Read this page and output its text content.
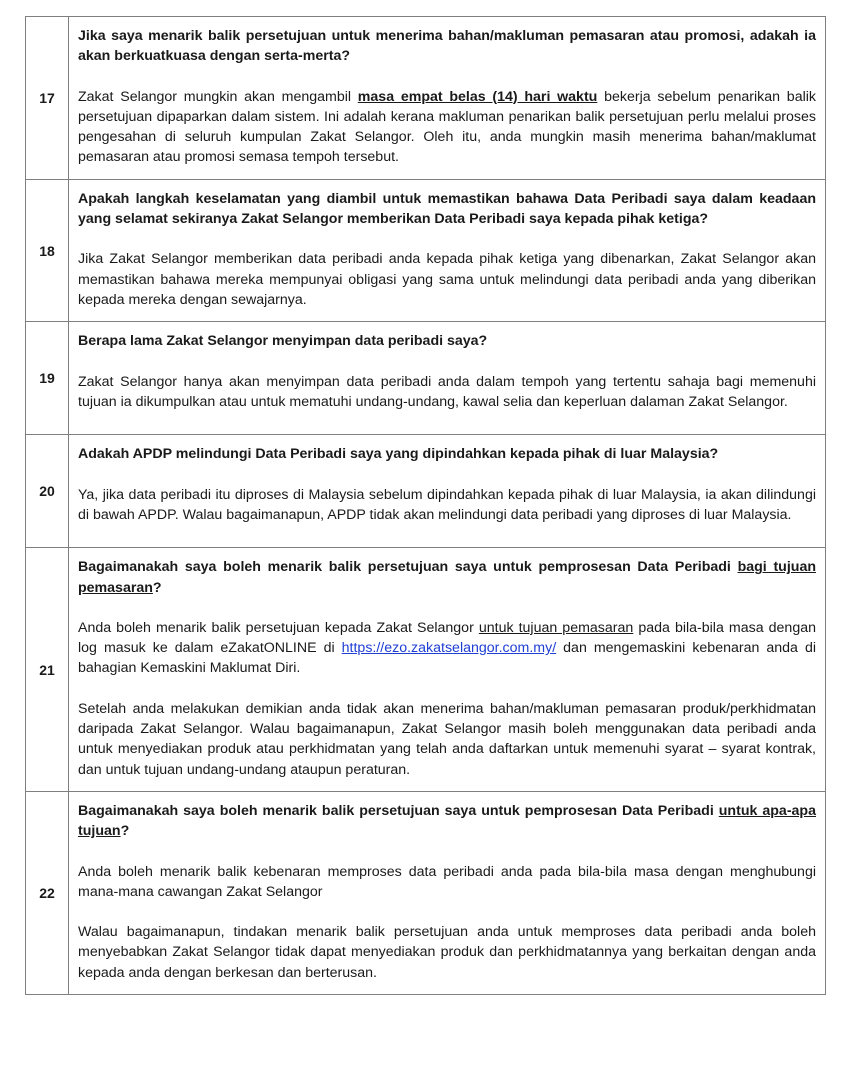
17	Jika saya menarik balik persetujuan untuk menerima bahan/makluman pemasaran atau promosi, adakah ia akan berkuatkuasa dengan serta-merta?

Zakat Selangor mungkin akan mengambil masa empat belas (14) hari waktu bekerja sebelum penarikan balik persetujuan dipaparkan dalam sistem. Ini adalah kerana makluman penarikan balik persetujuan perlu melalui proses pengesahan di seluruh kumpulan Zakat Selangor. Oleh itu, anda mungkin masih menerima bahan/maklumat pemasaran atau promosi semasa tempoh tersebut.

18	Apakah langkah keselamatan yang diambil untuk memastikan bahawa Data Peribadi saya dalam keadaan yang selamat sekiranya Zakat Selangor memberikan Data Peribadi saya kepada pihak ketiga?

Jika Zakat Selangor memberikan data peribadi anda kepada pihak ketiga yang dibenarkan, Zakat Selangor akan memastikan bahawa mereka mempunyai obligasi yang sama untuk melindungi data peribadi anda yang diberikan kepada mereka dengan sewajarnya.

19	Berapa lama Zakat Selangor menyimpan data peribadi saya?

Zakat Selangor hanya akan menyimpan data peribadi anda dalam tempoh yang tertentu sahaja bagi memenuhi tujuan ia dikumpulkan atau untuk mematuhi undang-undang, kawal selia dan keperluan dalaman Zakat Selangor.

20	Adakah APDP melindungi Data Peribadi saya yang dipindahkan kepada pihak di luar Malaysia?

Ya, jika data peribadi itu diproses di Malaysia sebelum dipindahkan kepada pihak di luar Malaysia, ia akan dilindungi di bawah APDP. Walau bagaimanapun, APDP tidak akan melindungi data peribadi yang diproses di luar Malaysia.

21	Bagaimanakah saya boleh menarik balik persetujuan saya untuk pemprosesan Data Peribadi bagi tujuan pemasaran?

Anda boleh menarik balik persetujuan kepada Zakat Selangor untuk tujuan pemasaran pada bila-bila masa dengan log masuk ke dalam eZakatONLINE di https://ezo.zakatselangor.com.my/ dan mengemaskini kebenaran anda di bahagian Kemaskini Maklumat Diri.

Setelah anda melakukan demikian anda tidak akan menerima bahan/makluman pemasaran produk/perkhidmatan daripada Zakat Selangor. Walau bagaimanapun, Zakat Selangor masih boleh menggunakan data peribadi anda untuk menyediakan produk atau perkhidmatan yang telah anda daftarkan untuk memenuhi syarat – syarat kontrak, dan untuk tujuan undang-undang ataupun peraturan.

22	Bagaimanakah saya boleh menarik balik persetujuan saya untuk pemprosesan Data Peribadi untuk apa-apa tujuan?

Anda boleh menarik balik kebenaran memproses data peribadi anda pada bila-bila masa dengan menghubungi mana-mana cawangan Zakat Selangor

Walau bagaimanapun, tindakan menarik balik persetujuan anda untuk memproses data peribadi anda boleh menyebabkan Zakat Selangor tidak dapat menyediakan produk dan perkhidmatannya yang berkaitan dengan anda kepada anda dengan berkesan dan berterusan.
